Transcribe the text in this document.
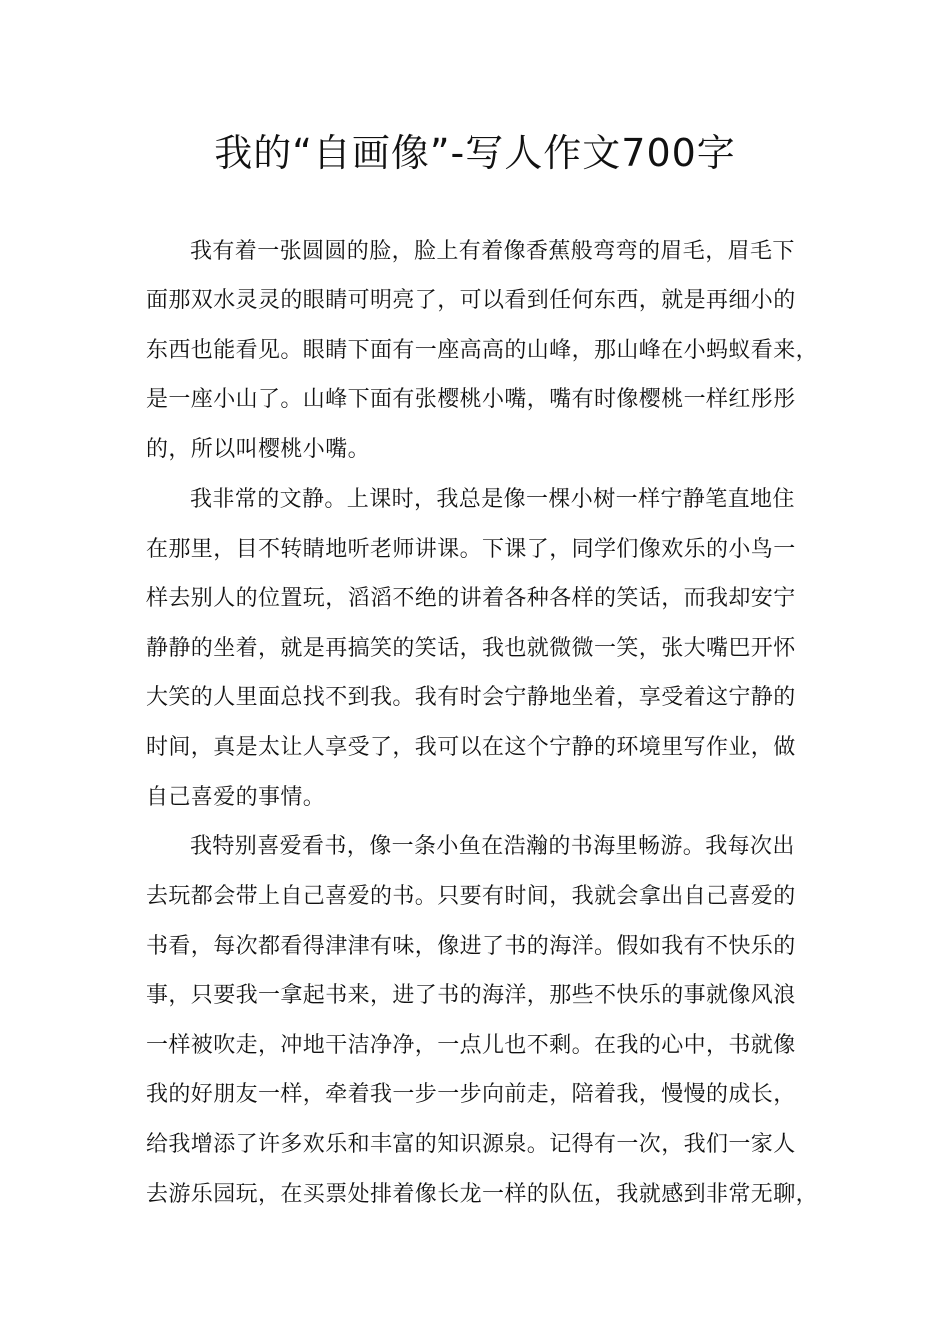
我的“自画像”-写人作文700字
我有着一张圆圆的脸，脸上有着像香蕉般弯弯的眉毛，眉毛下
面那双水灵灵的眼睛可明亮了，可以看到任何东西，就是再细小的
东西也能看见。眼睛下面有一座高高的山峰，那山峰在小蚂蚁看来，
是一座小山了。山峰下面有张樱桃小嘴，嘴有时像樱桃一样红彤彤
的，所以叫樱桃小嘴。
我非常的文静。上课时，我总是像一棵小树一样宁静笔直地住
在那里，目不转睛地听老师讲课。下课了，同学们像欢乐的小鸟一
样去别人的位置玩，滔滔不绝的讲着各种各样的笑话，而我却安宁
静静的坐着，就是再搞笑的笑话，我也就微微一笑，张大嘴巴开怀
大笑的人里面总找不到我。我有时会宁静地坐着，享受着这宁静的
时间，真是太让人享受了，我可以在这个宁静的环境里写作业，做
自己喜爱的事情。
我特别喜爱看书，像一条小鱼在浩瀚的书海里畅游。我每次出
去玩都会带上自己喜爱的书。只要有时间，我就会拿出自己喜爱的
书看，每次都看得津津有味，像进了书的海洋。假如我有不快乐的
事，只要我一拿起书来，进了书的海洋，那些不快乐的事就像风浪
一样被吹走，冲地干洁净净，一点儿也不剩。在我的心中，书就像
我的好朋友一样，牵着我一步一步向前走，陪着我，慢慢的成长，
给我增添了许多欢乐和丰富的知识源泉。记得有一次，我们一家人
去游乐园玩，在买票处排着像长龙一样的队伍，我就感到非常无聊，
